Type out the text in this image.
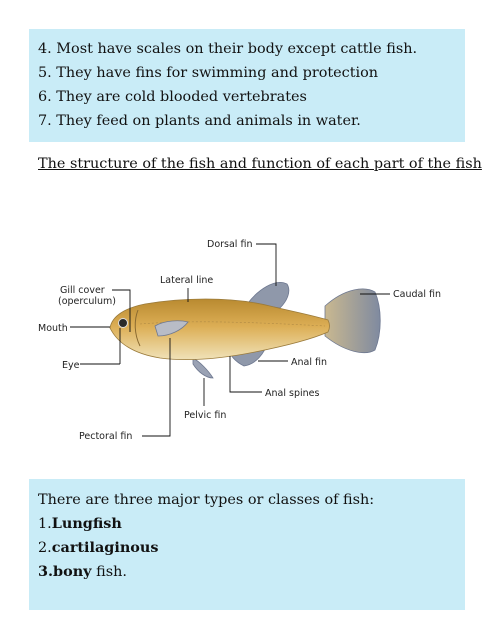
4. Most have scales on their body except cattle fish.
5. They have fins for swimming and protection
6. They are cold blooded vertebrates
7. They feed on plants and animals in water.
The structure of the fish and function of each part of the fish
Dorsal fin
Lateral line
Gill cover
(operculum)
Mouth
Eye
Caudal fin
Anal fin
Anal spines
Pelvic fin
Pectoral fin
There are three major types or classes of fish:
1.Lungfish
2.cartilaginous
3.bony fish.
